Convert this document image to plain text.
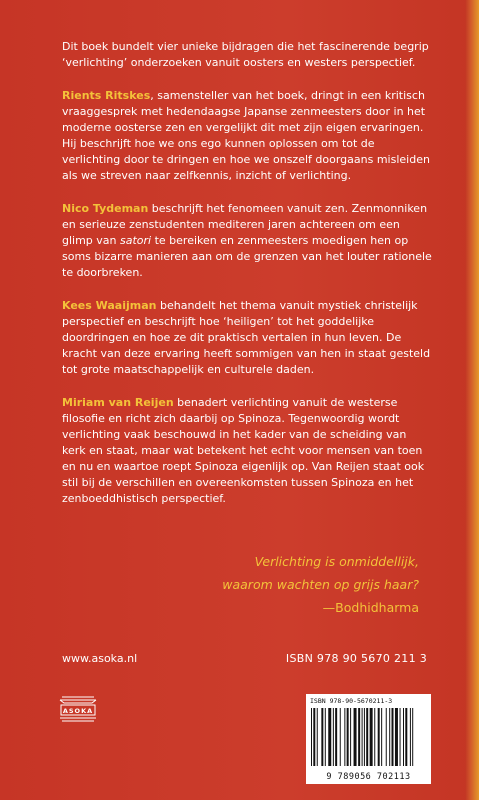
Dit boek bundelt vier unieke bijdragen die het fascinerende begrip ‘verlichting’ onderzoeken vanuit oosters en westers perspectief.

Rients Ritskes, samensteller van het boek, dringt in een kritisch vraaggesprek met hedendaagse Japanse zenmeesters door in het moderne oosterse zen en vergelijkt dit met zijn eigen ervaringen. Hij beschrijft hoe we ons ego kunnen oplossen om tot de verlichting door te dringen en hoe we onszelf doorgaans misleiden als we streven naar zelfkennis, inzicht of verlichting.

Nico Tydeman beschrijft het fenomeen vanuit zen. Zenmonniken en serieuze zenstudenten mediteren jaren achtereen om een glimp van satori te bereiken en zenmeesters moedigen hen op soms bizarre manieren aan om de grenzen van het louter rationele te doorbreken.

Kees Waaijman behandelt het thema vanuit mystiek christelijk perspectief en beschrijft hoe ‘heiligen’ tot het goddelijke doordringen en hoe ze dit praktisch vertalen in hun leven. De kracht van deze ervaring heeft sommigen van hen in staat gesteld tot grote maatschappelijk en culturele daden.

Miriam van Reijen benadert verlichting vanuit de westerse filosofie en richt zich daarbij op Spinoza. Tegenwoordig wordt verlichting vaak beschouwd in het kader van de scheiding van kerk en staat, maar wat betekent het echt voor mensen van toen en nu en waartoe roept Spinoza eigenlijk op. Van Reijen staat ook stil bij de verschillen en overeenkomsten tussen Spinoza en het zenboeddhistisch perspectief.

Verlichting is onmiddellijk,
waarom wachten op grijs haar?
—Bodhidharma
www.asoka.nl	ISBN 978 90 5670 211 3
ASOKA
ISBN 978-90-5670211-3
9 789056 702113
